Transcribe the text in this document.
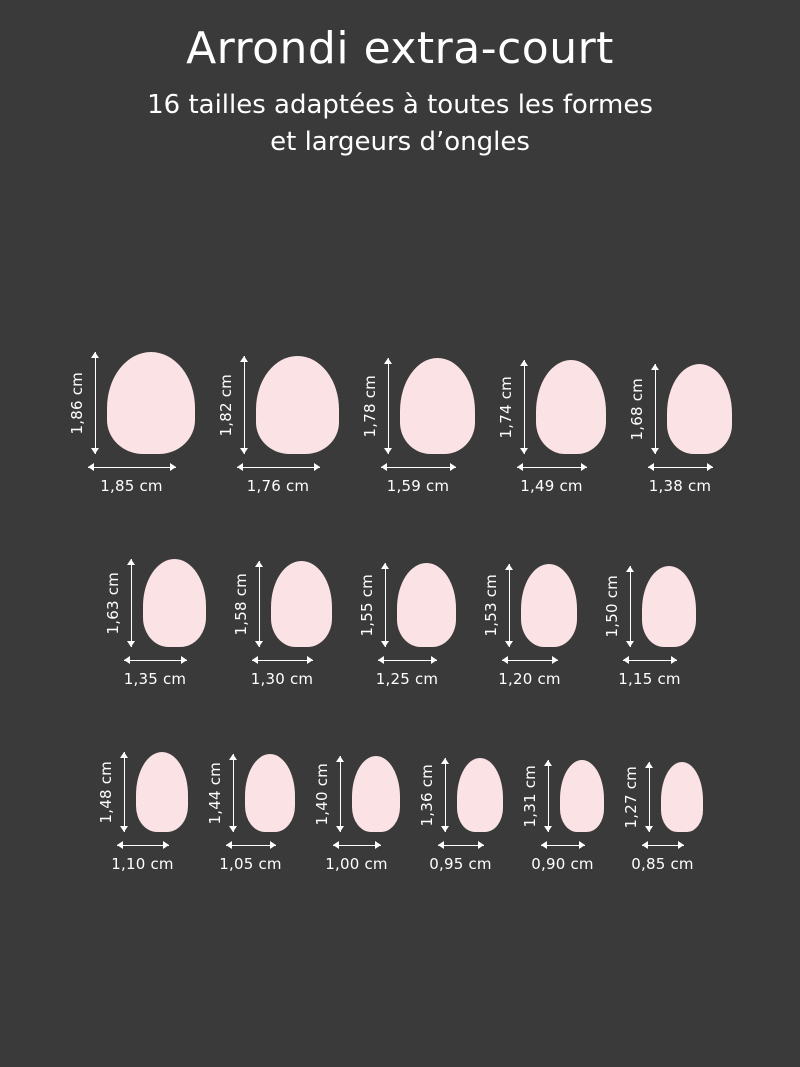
Arrondi extra-court

16 tailles adaptées à toutes les formes
et largeurs d’ongles

1,86 cm
1,85 cm
1,82 cm
1,76 cm
1,78 cm
1,59 cm
1,74 cm
1,49 cm
1,68 cm
1,38 cm
1,63 cm
1,35 cm
1,58 cm
1,30 cm
1,55 cm
1,25 cm
1,53 cm
1,20 cm
1,50 cm
1,15 cm
1,48 cm
1,10 cm
1,44 cm
1,05 cm
1,40 cm
1,00 cm
1,36 cm
0,95 cm
1,31 cm
0,90 cm
1,27 cm
0,85 cm
